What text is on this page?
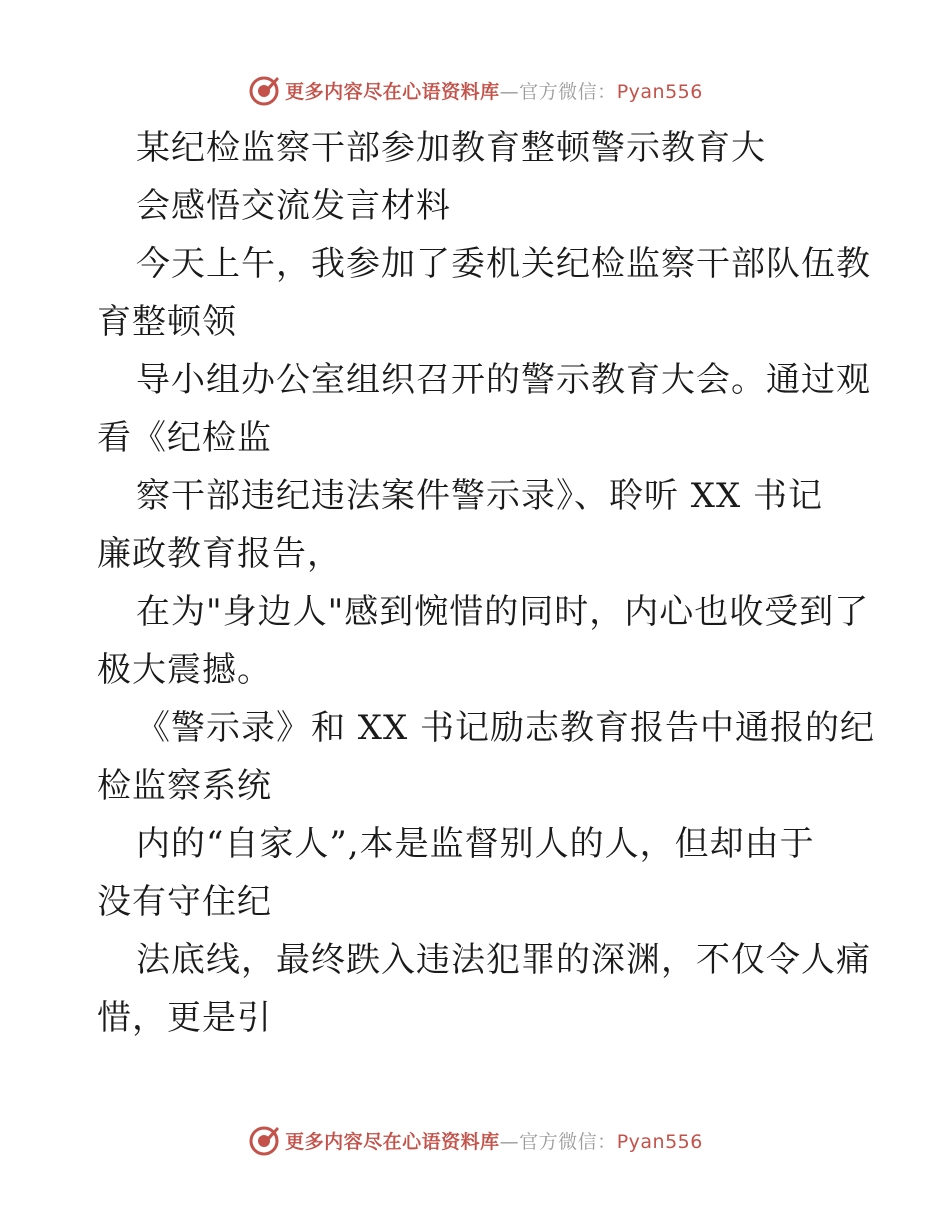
更多内容尽在心语资料库—官方微信：Pyan556
某纪检监察干部参加教育整顿警示教育大
会感悟交流发言材料
今天上午，我参加了委机关纪检监察干部队伍教
育整顿领
导小组办公室组织召开的警示教育大会。通过观
看《纪检监
察干部违纪违法案件警示录》、聆听 XX 书记
廉政教育报告，
在为"身边人"感到惋惜的同时，内心也收受到了
极大震撼。
《警示录》和 XX 书记励志教育报告中通报的纪
检监察系统
内的“自家人”,本是监督别人的人，但却由于
没有守住纪
法底线，最终跌入违法犯罪的深渊，不仅令人痛
惜，更是引
更多内容尽在心语资料库—官方微信：Pyan556
